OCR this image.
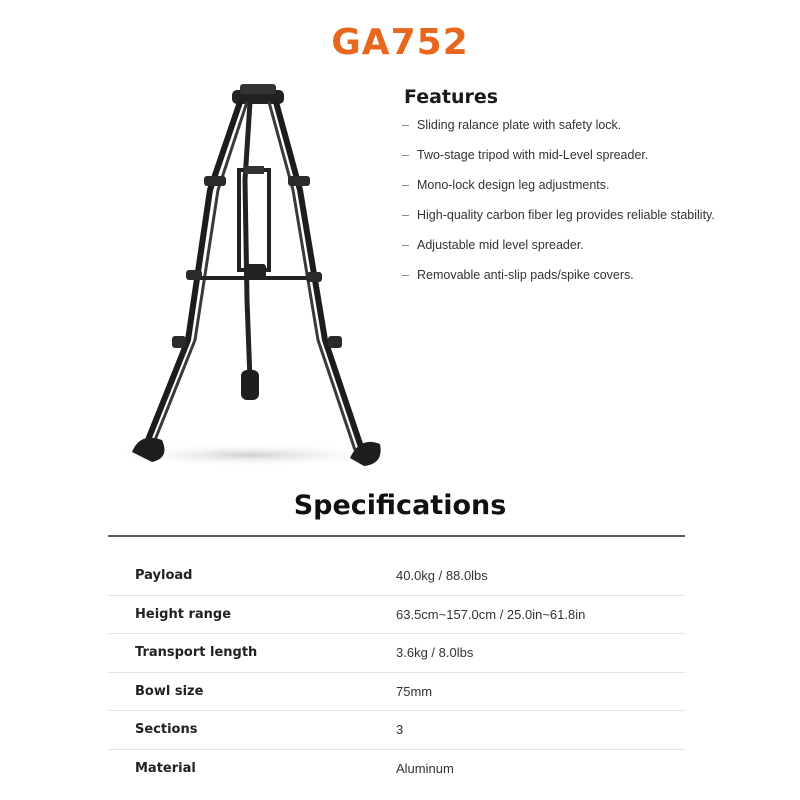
GA752
Features
– Sliding ralance plate with safety lock.
– Two-stage tripod with mid-Level spreader.
– Mono-lock design leg adjustments.
– High-quality carbon fiber leg provides reliable stability.
– Adjustable mid level spreader.
– Removable anti-slip pads/spike covers.
Specifications
Payload	40.0kg / 88.0lbs
Height range	63.5cm~157.0cm / 25.0in~61.8in
Transport length	3.6kg / 8.0lbs
Bowl size	75mm
Sections	3
Material	Aluminum
